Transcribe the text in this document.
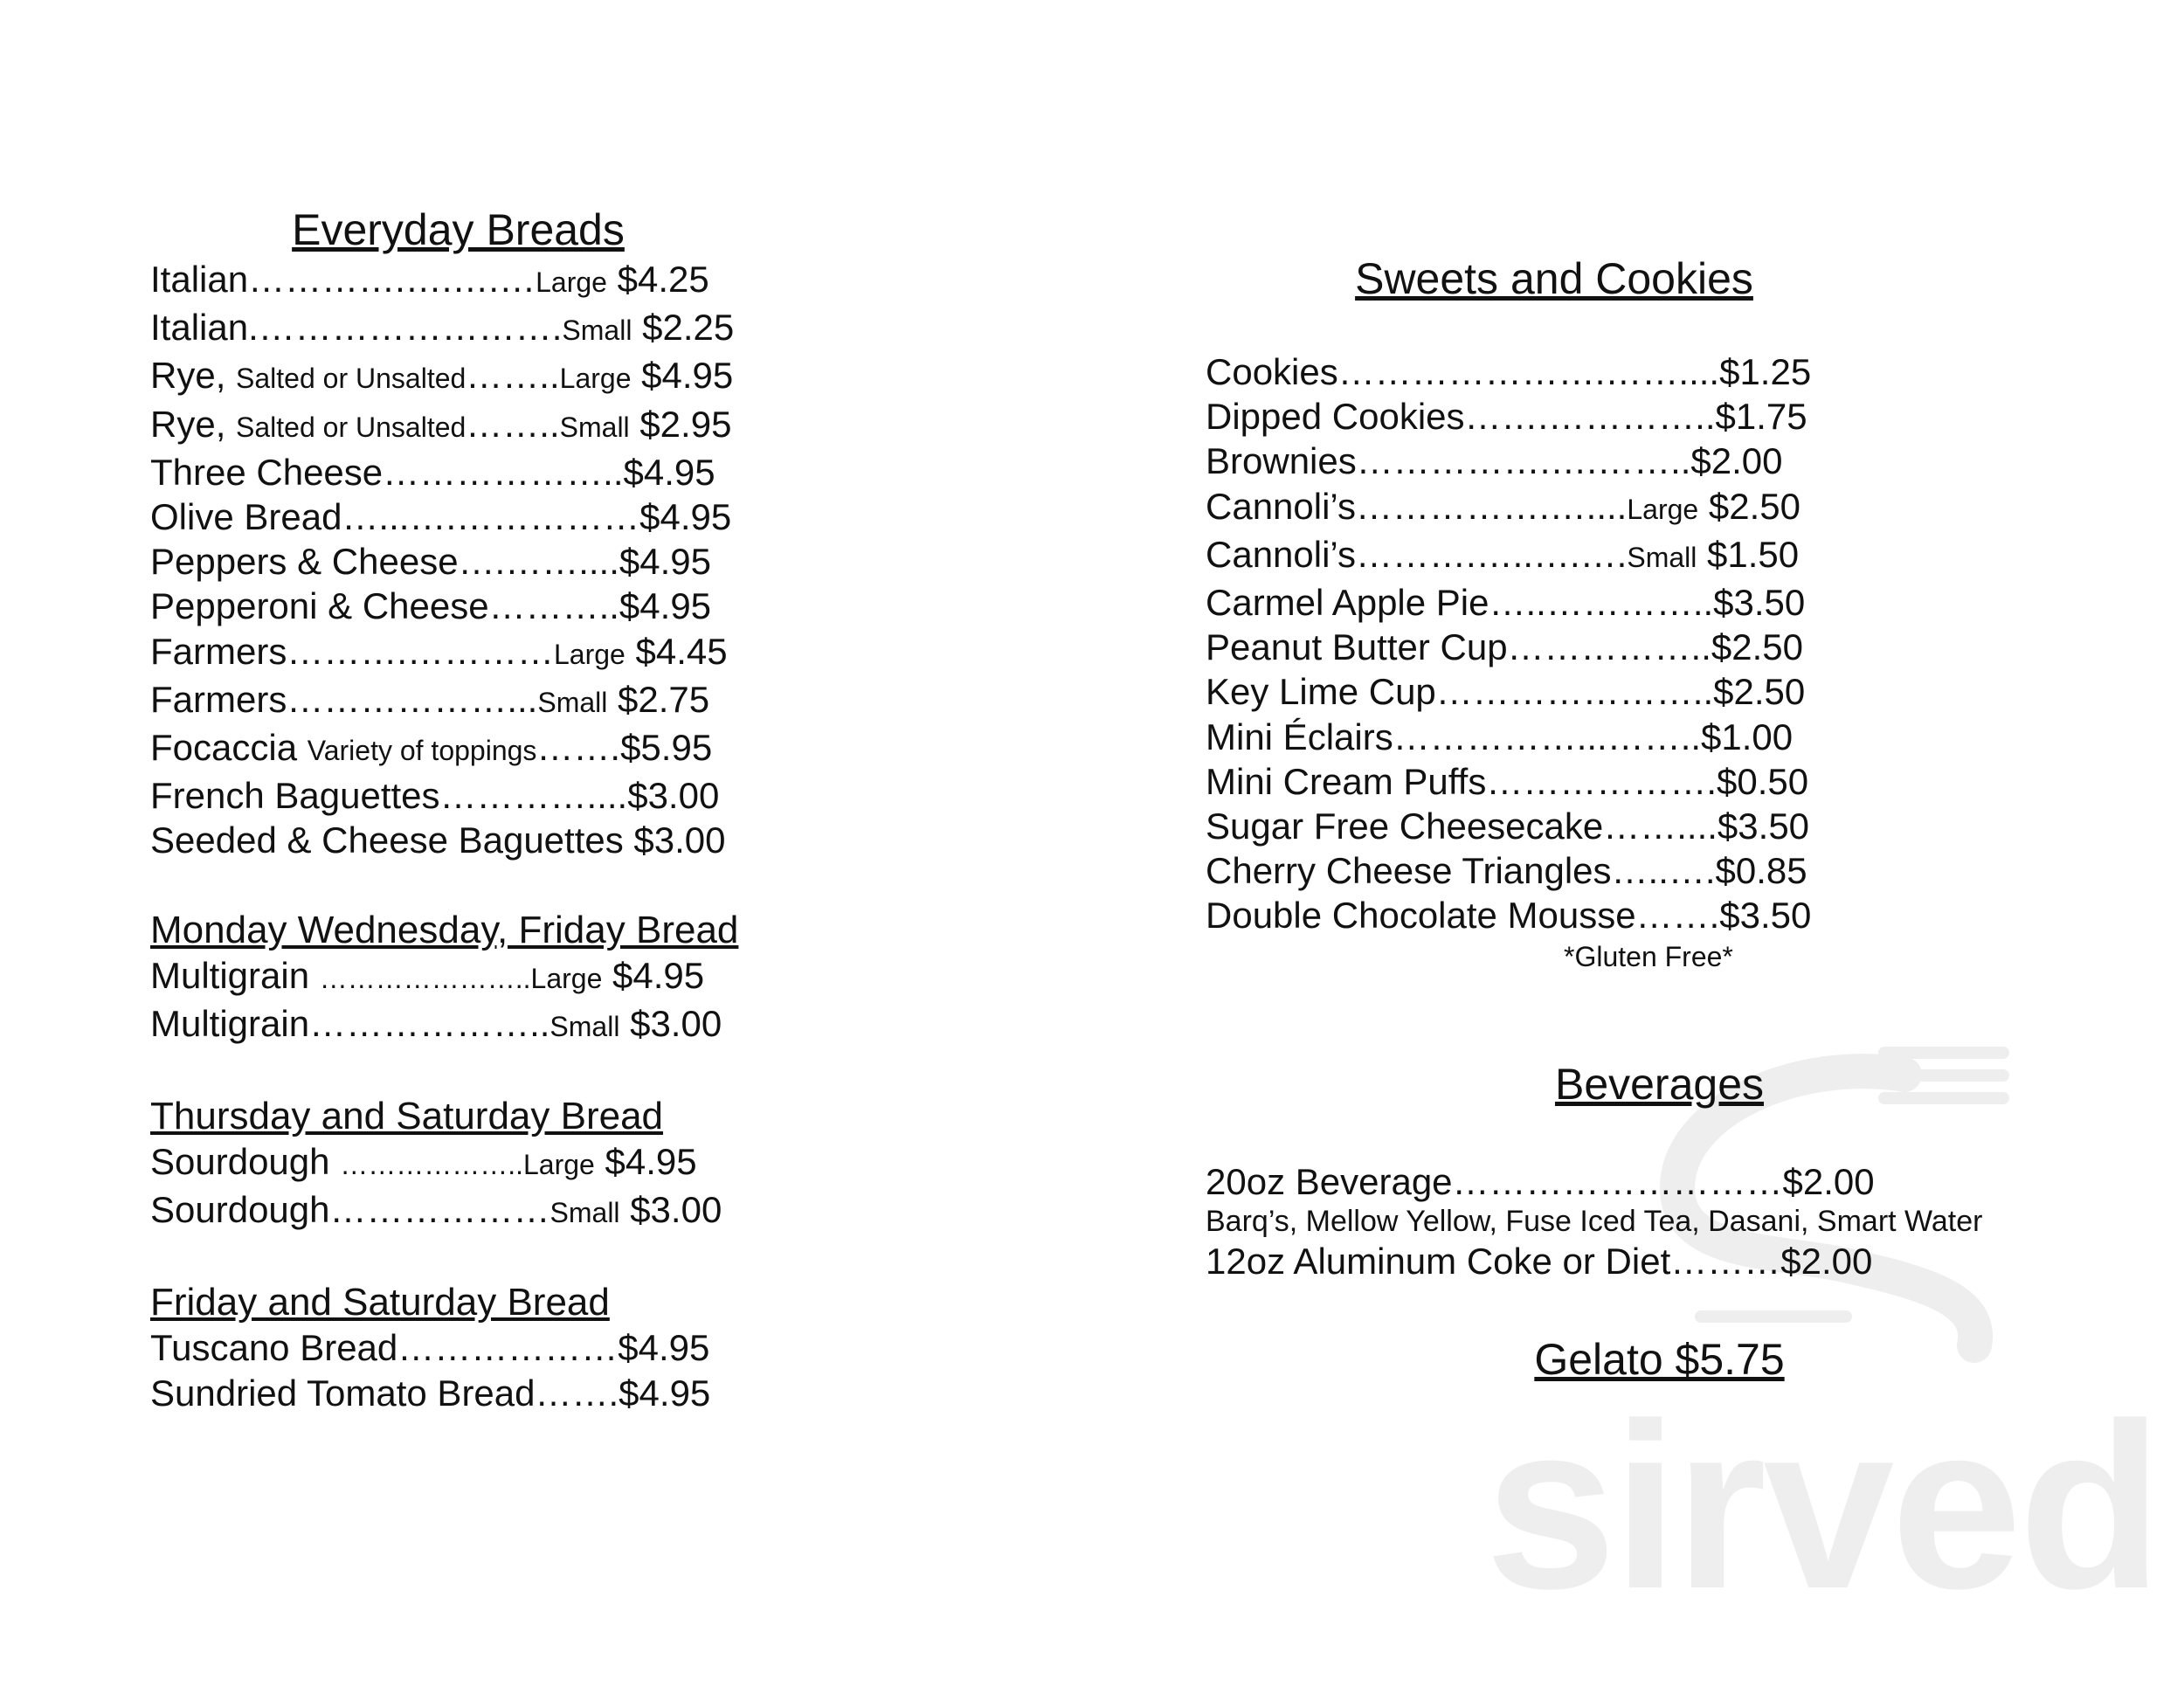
sirved
Everyday Breads

Italian………….….….…Large $4.25

Italian.…………………….Small $2.25

Rye, Salted or Unsalted……..Large $4.95

Rye, Salted or Unsalted……..Small $2.95

Three Cheese………………..$4.95

Olive Bread…...….……………$4.95

Peppers & Cheese….……....$4.95

Pepperoni & Cheese………..$4.95

Farmers……….…………Large $4.45

Farmers………………...Small $2.75

Focaccia Variety of toppings…….$5.95

French Baguettes…………....$3.00

Seeded & Cheese Baguettes $3.00

Monday Wednesday, Friday Bread

Multigrain …………………..Large $4.95

Multigrain………………..Small $3.00

Thursday and Saturday Bread

Sourdough ………………..Large $4.95

Sourdough………………Small $3.00

Friday and Saturday Bread

Tuscano Bread………………$4.95

Sundried Tomato Bread…….$4.95

Sweets and Cookies

Cookies………………….……....$1.25

Dipped Cookies…….…………..$1.75

Brownies…………….….……..$2.00

Cannoli’s…………….…....Large $2.50

Cannoli’s……….…..….….Small $1.50

Carmel Apple Pie…..…………..$3.50

Peanut Butter Cup……………..$2.50

Key Lime Cup…………………..$2.50

Mini Éclairs……………...……..$1.00

Mini Cream Puffs……………….$0.50

Sugar Free Cheesecake……....$3.50

Cherry Cheese Triangles…..….$0.85

Double Chocolate Mousse…….$3.50

*Gluten Free*

Beverages

20oz Beverage………………………$2.00

Barq’s, Mellow Yellow, Fuse Iced Tea, Dasani, Smart Water

12oz Aluminum Coke or Diet………$2.00

Gelato $5.75
